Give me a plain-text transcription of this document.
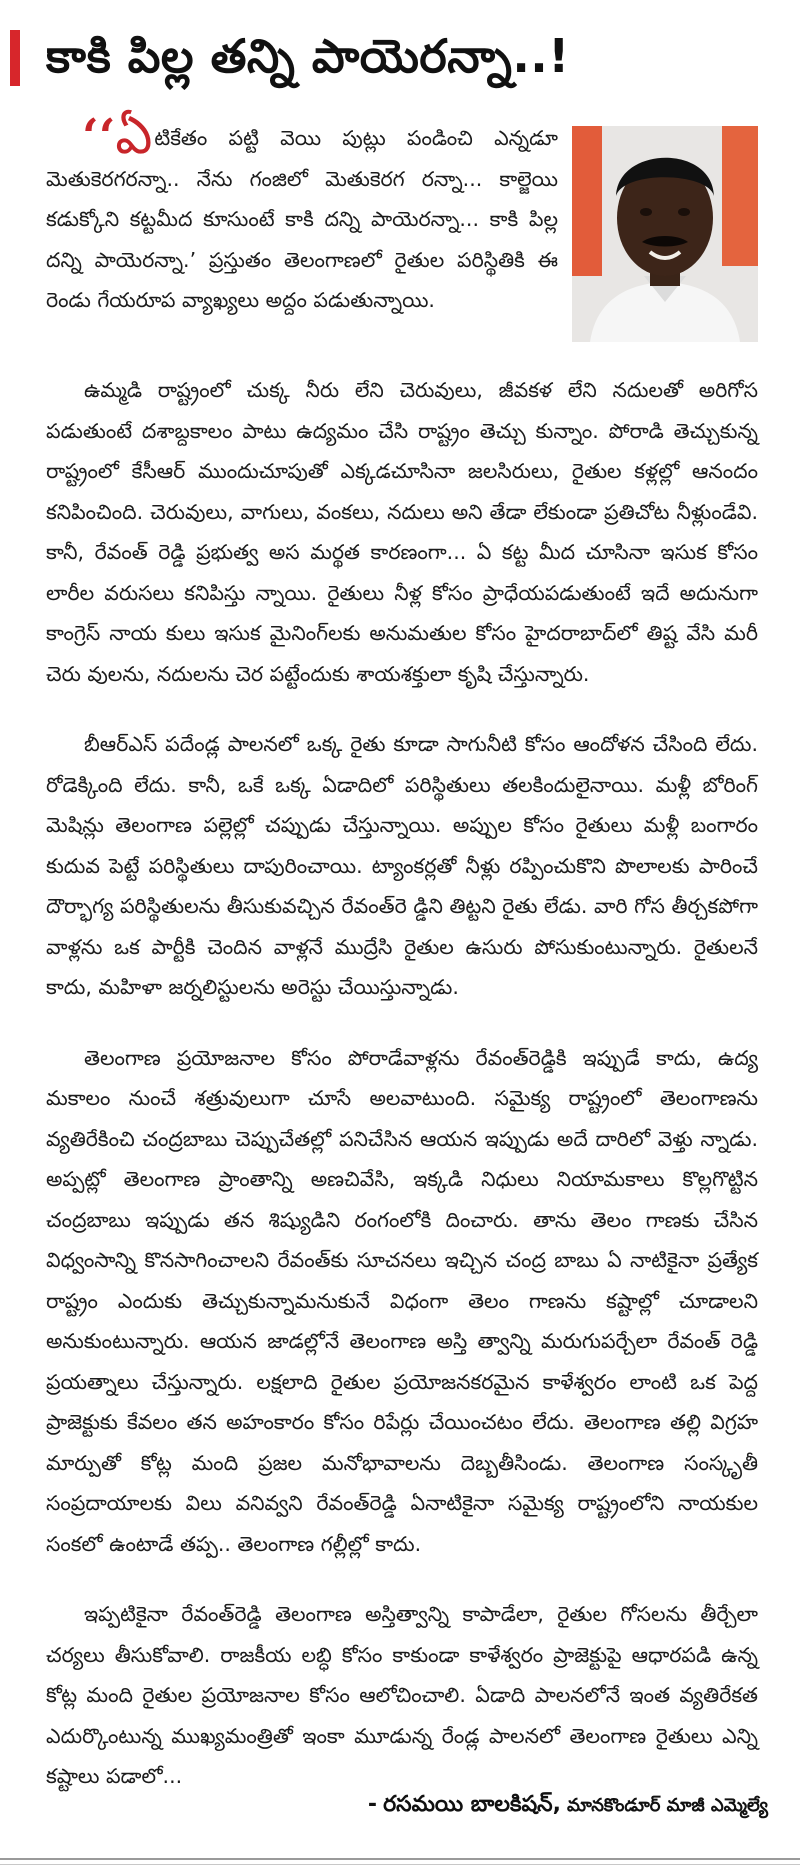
కాకి పిల్ల తన్ని పాయెరన్నా..!
‘‘ఏటికేతం పట్టి వెయి పుట్లు పండించి ఎన్నడూ మెతుకెరగరన్నా.. నేను గంజిలో మెతుకెరగ రన్నా... కాల్జెయి కడుక్కోని కట్టమీద కూసుంటే కాకి దన్ని పాయెరన్నా... కాకి పిల్ల దన్ని పాయెరన్నా.’ ప్రస్తుతం తెలంగాణలో రైతుల పరిస్థితికి ఈ రెండు గేయరూప వ్యాఖ్యలు అద్దం పడుతున్నాయి.

ఉమ్మడి రాష్ట్రంలో చుక్క నీరు లేని చెరువులు, జీవకళ లేని నదులతో అరిగోస పడుతుంటే దశాబ్దకాలం పాటు ఉద్యమం చేసి రాష్ట్రం తెచ్చు కున్నాం. పోరాడి తెచ్చుకున్న రాష్ట్రంలో కేసీఆర్ ముందుచూపుతో ఎక్కడచూసినా జలసిరులు, రైతుల కళ్లల్లో ఆనందం కనిపించింది. చెరువులు, వాగులు, వంకలు, నదులు అని తేడా లేకుండా ప్రతిచోట నీళ్లుండేవి. కానీ, రేవంత్ రెడ్డి ప్రభుత్వ అస మర్థత కారణంగా... ఏ కట్ట మీద చూసినా ఇసుక కోసం లారీల వరుసలు కనిపిస్తు న్నాయి. రైతులు నీళ్ల కోసం ప్రాధేయపడుతుంటే ఇదే అదునుగా కాంగ్రెస్ నాయ కులు ఇసుక మైనింగ్‌లకు అనుమతుల కోసం హైదరాబాద్‌లో తిష్ట వేసి మరీ చెరు వులను, నదులను చెర పట్టేందుకు శాయశక్తులా కృషి చేస్తున్నారు.

బీఆర్ఎస్ పదేండ్ల పాలనలో ఒక్క రైతు కూడా సాగునీటి కోసం ఆందోళన చేసింది లేదు. రోడెక్కింది లేదు. కానీ, ఒకే ఒక్క ఏడాదిలో పరిస్థితులు తలకిందులైనాయి. మళ్లీ బోరింగ్ మెషిన్లు తెలంగాణ పల్లెల్లో చప్పుడు చేస్తున్నాయి. అప్పుల కోసం రైతులు మళ్లీ బంగారం కుదువ పెట్టే పరిస్థితులు దాపురించాయి. ట్యాంకర్లతో నీళ్లు రప్పించుకొని పొలాలకు పారించే దౌర్భాగ్య పరిస్థితులను తీసుకువచ్చిన రేవంత్‌రె డ్డిని తిట్టని రైతు లేడు. వారి గోస తీర్చకపోగా వాళ్లను ఒక పార్టీకి చెందిన వాళ్లనే ముద్రేసి రైతుల ఉసురు పోసుకుంటున్నారు. రైతులనే కాదు, మహిళా జర్నలిస్టులను అరెస్టు చేయిస్తున్నాడు.

తెలంగాణ ప్రయోజనాల కోసం పోరాడేవాళ్లను రేవంత్‌రెడ్డికి ఇప్పుడే కాదు, ఉద్య మకాలం నుంచే శత్రువులుగా చూసే అలవాటుంది. సమైక్య రాష్ట్రంలో తెలంగాణను వ్యతిరేకించి చంద్రబాబు చెప్పుచేతల్లో పనిచేసిన ఆయన ఇప్పుడు అదే దారిలో వెళ్తు న్నాడు. అప్పట్లో తెలంగాణ ప్రాంతాన్ని అణచివేసి, ఇక్కడి నిధులు నియామకాలు కొల్లగొట్టిన చంద్రబాబు ఇప్పుడు తన శిష్యుడిని రంగంలోకి దించారు. తాను తెలం గాణకు చేసిన విధ్వంసాన్ని కొనసాగించాలని రేవంత్‌కు సూచనలు ఇచ్చిన చంద్ర బాబు ఏ నాటికైనా ప్రత్యేక రాష్ట్రం ఎందుకు తెచ్చుకున్నామనుకునే విధంగా తెలం గాణను కష్టాల్లో చూడాలని అనుకుంటున్నారు. ఆయన జాడల్లోనే తెలంగాణ అస్తి త్వాన్ని మరుగుపర్చేలా రేవంత్ రెడ్డి ప్రయత్నాలు చేస్తున్నారు. లక్షలాది రైతుల ప్రయోజనకరమైన కాళేశ్వరం లాంటి ఒక పెద్ద ప్రాజెక్టుకు కేవలం తన అహంకారం కోసం రిపేర్లు చేయించటం లేదు. తెలంగాణ తల్లి విగ్రహ మార్పుతో కోట్ల మంది ప్రజల మనోభావాలను దెబ్బతీసిండు. తెలంగాణ సంస్కృతీ సంప్రదాయాలకు విలు వనివ్వని రేవంత్‌రెడ్డి ఏనాటికైనా సమైక్య రాష్ట్రంలోని నాయకుల సంకలో ఉంటాడే తప్ప.. తెలంగాణ గల్లీల్లో కాదు.

ఇప్పటికైనా రేవంత్‌రెడ్డి తెలంగాణ అస్తిత్వాన్ని కాపాడేలా, రైతుల గోసలను తీర్చేలా చర్యలు తీసుకోవాలి. రాజకీయ లబ్ధి కోసం కాకుండా కాళేశ్వరం ప్రాజెక్టుపై ఆధారపడి ఉన్న కోట్ల మంది రైతుల ప్రయోజనాల కోసం ఆలోచించాలి. ఏడాది పాలనలోనే ఇంత వ్యతిరేకత ఎదుర్కొంటున్న ముఖ్యమంత్రితో ఇంకా మూడున్న రేండ్ల పాలనలో తెలంగాణ రైతులు ఎన్ని కష్టాలు పడాలో...

- రసమయి బాలకిషన్, మానకొండూర్ మాజీ ఎమ్మెల్యే
